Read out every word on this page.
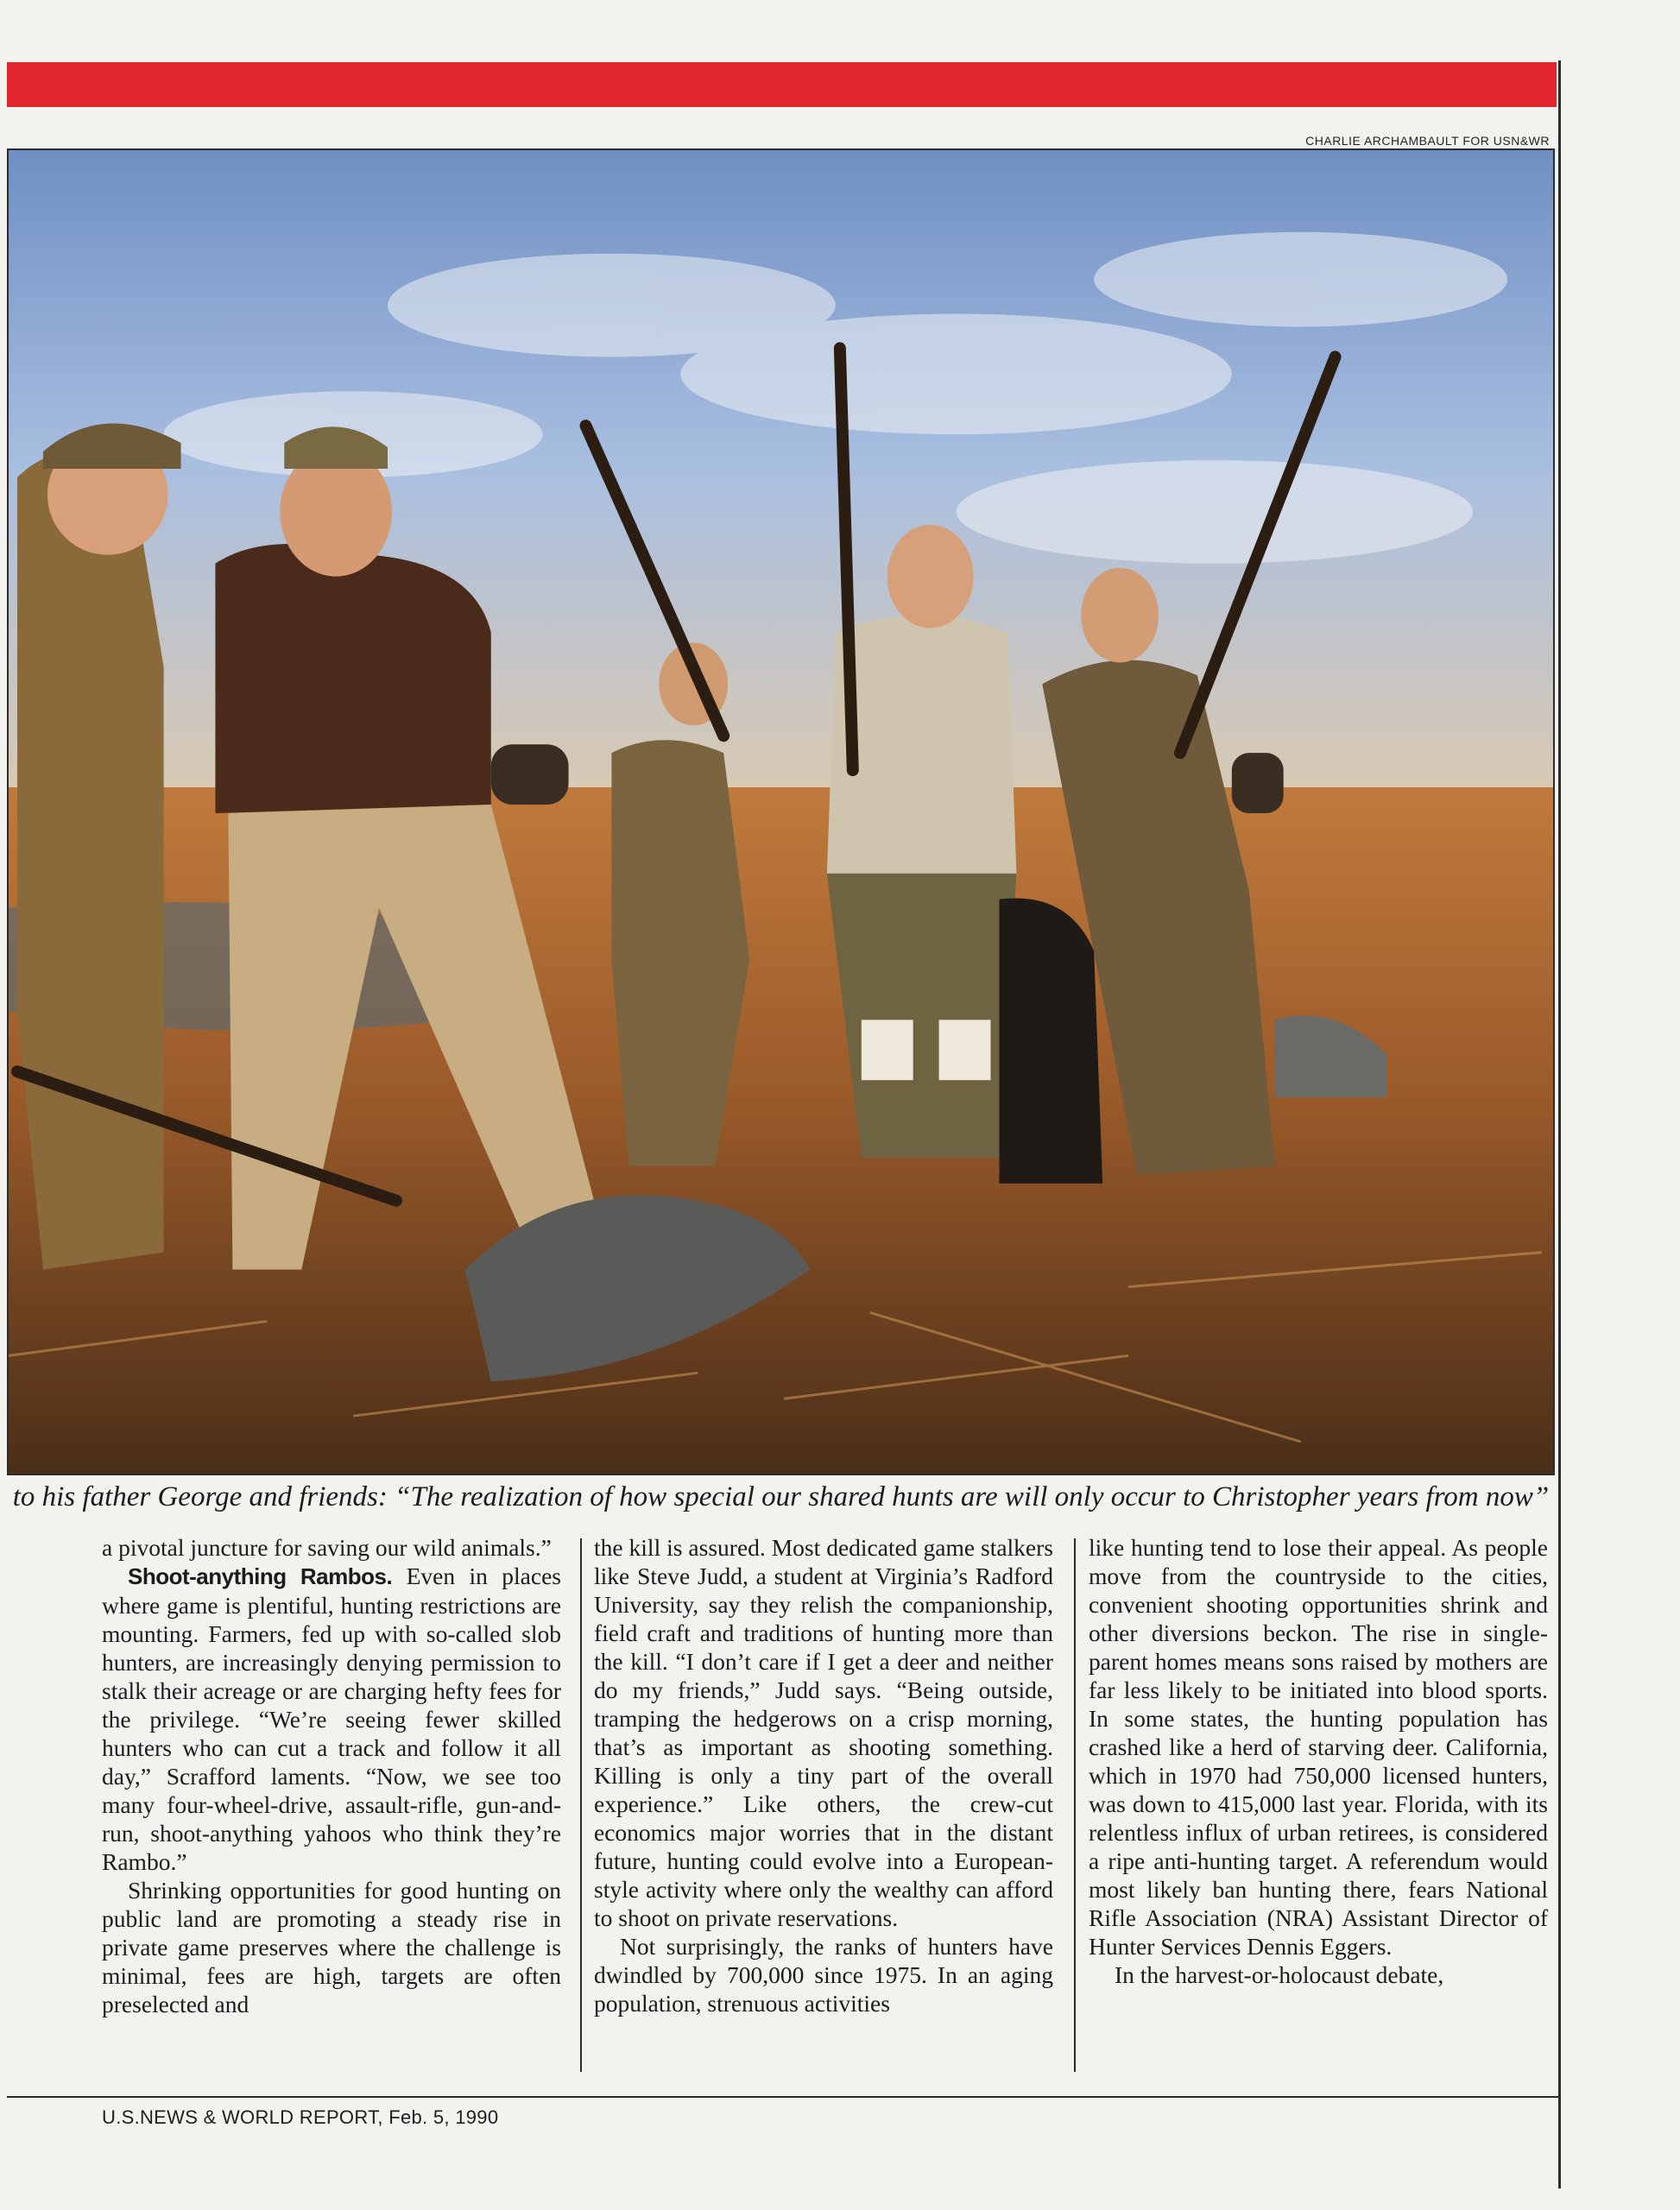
CHARLIE ARCHAMBAULT FOR USN&WR
to his father George and friends: “The realization of how special our shared hunts are will only occur to Christopher years from now”

a pivotal juncture for saving our wild animals.”

Shoot-anything Rambos. Even in places where game is plentiful, hunting restrictions are mounting. Farmers, fed up with so-called slob hunters, are increasingly denying permission to stalk their acreage or are charging hefty fees for the privilege. “We’re seeing fewer skilled hunters who can cut a track and follow it all day,” Scrafford laments. “Now, we see too many four-wheel-drive, assault-rifle, gun-and-run, shoot-anything yahoos who think they’re Rambo.”

Shrinking opportunities for good hunting on public land are promoting a steady rise in private game preserves where the challenge is minimal, fees are high, targets are often preselected and

the kill is assured. Most dedicated game stalkers like Steve Judd, a student at Virginia’s Radford University, say they relish the companionship, field craft and traditions of hunting more than the kill. “I don’t care if I get a deer and neither do my friends,” Judd says. “Being outside, tramping the hedgerows on a crisp morning, that’s as important as shooting something. Killing is only a tiny part of the overall experience.” Like others, the crew-cut economics major worries that in the distant future, hunting could evolve into a European-style activity where only the wealthy can afford to shoot on private reservations.

Not surprisingly, the ranks of hunters have dwindled by 700,000 since 1975. In an aging population, strenuous activities

like hunting tend to lose their appeal. As people move from the countryside to the cities, convenient shooting opportunities shrink and other diversions beckon. The rise in single-parent homes means sons raised by mothers are far less likely to be initiated into blood sports. In some states, the hunting population has crashed like a herd of starving deer. California, which in 1970 had 750,000 licensed hunters, was down to 415,000 last year. Florida, with its relentless influx of urban retirees, is considered a ripe anti-hunting target. A referendum would most likely ban hunting there, fears National Rifle Association (NRA) Assistant Director of Hunter Services Dennis Eggers.

In the harvest-or-holocaust debate,

U.S.NEWS & WORLD REPORT, Feb. 5, 1990
